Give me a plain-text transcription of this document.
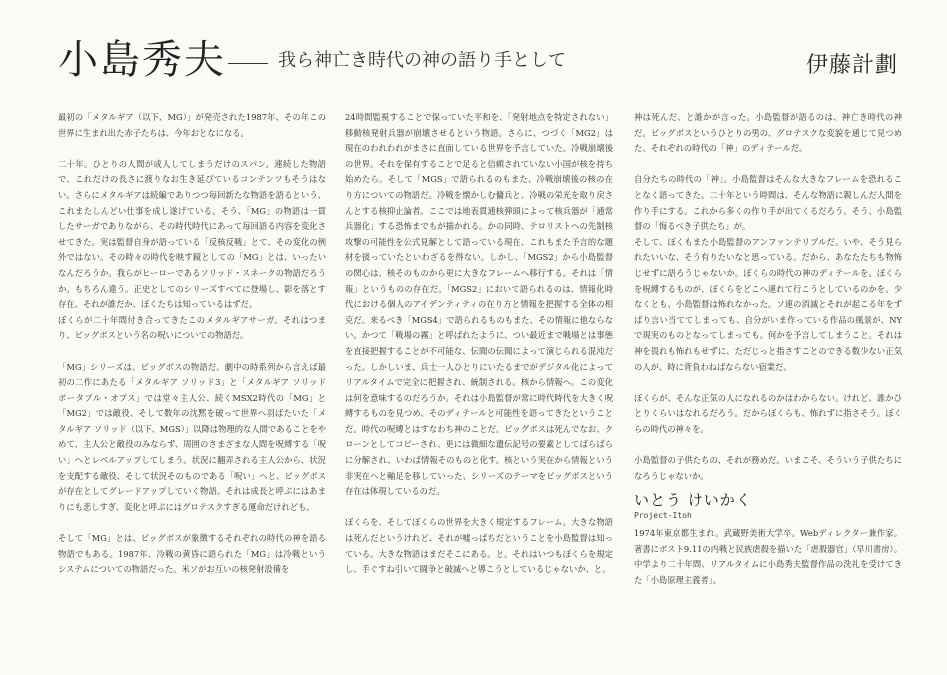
小島秀夫	我ら神亡き時代の神の語り手として	伊藤計劃

最初の「メタルギア（以下、MG）」が発売された1987年、その年この世界に生まれ出た赤子たちは、今年おとなになる。

二十年。ひとりの人間が成人してしまうだけのスパン。連続した物語で、これだけの長さに渡りなお生き延びているコンテンツもそうはない。さらにメタルギアは続編でありつつ毎回新たな物語を語るという、これまたしんどい仕事を成し遂げている。そう、「MG」の物語は一貫したサーガでありながら、その時代時代にあって毎回語る内容を変化させてきた。実は監督自身が語っている「反核反戦」とて、その変化の例外ではない。その時々の時代を映す鏡としての「MG」とは、いったいなんだろうか。我らがヒーローであるソリッド・スネークの物語だろうか。もちろん違う。正史としてのシリーズすべてに登場し、影を落とす存在。それが誰だか、ぼくたちは知っているはずだ。

ぼくらが二十年間付き合ってきたこのメタルギアサーガ。それはつまり、ビッグボスという名の呪いについての物語だ。

「MG」シリーズは、ビッグボスの物語だ。劇中の時系列から言えば最初の二作にあたる「メタルギア ソリッド3」と「メタルギア ソリッド ポータブル・オプス」では堂々主人公、続くMSX2時代の「MG」と「MG2」では敵役、そして数年の沈黙を破って世界へ羽ばたいた「メタルギア ソリッド（以下、MGS）」以降は物理的な人間であることをやめて、主人公と敵役のみならず、周囲のさまざまな人間を呪縛する「呪い」へとレベルアップしてしまう。状況に翻弄される主人公から、状況を支配する敵役、そして状況そのものである「呪い」へと、ビッグボスが存在としてグレードアップしていく物語。それは成長と呼ぶにはあまりにも悲しすぎ、変化と呼ぶにはグロテスクすぎる運命だけれども。

そして「MG」とは、ビッグボスが象徴するそれぞれの時代の神を語る物語でもある。1987年、冷戦の黄昏に語られた「MG」は冷戦というシステムについての物語だった。米ソがお互いの核発射設備を

24時間監視することで保っていた平和を、「発射地点を特定されない」移動核発射兵器が崩壊させるという物語。さらに、つづく「MG2」は現在のわれわれがまさに直面している世界を予言していた。冷戦崩壊後の世界。それを保有することで足ると信頼されていない小国が核を持ち始めたら。そして「MGS」で語られるのもまた、冷戦崩壊後の核の在り方についての物語だ。冷戦を懐かしむ傭兵と、冷戦の栄光を取り戻さんとする核抑止論者。ここでは地表貫通核弾頭によって核兵器が「通常兵器化」する恐怖までもが描かれる。かの同時、テロリストへの先制核攻撃の可能性を公式見解として語っている現在、これもまた予言的な題材を扱っていたといわざるを得ない。しかし、「MGS2」から小島監督の関心は、核そのものから更に大きなフレームへ移行する。それは「情報」というものの存在だ。「MGS2」において語られるのは、情報化時代における個人のアイデンティティの在り方と情報を把握する全体の相克だ。来るべき「MGS4」で語られるものもまた、その情報に他ならない。かつて「戦場の霧」と呼ばれたように、つい最近まで戦場とは事態を直接把握することが不可能な、伝聞の伝聞によって演じられる混沌だった。しかしいま、兵士一人ひとりにいたるまでがデジタル化によってリアルタイムで完全に把握され、統制される。核から情報へ。この変化は何を意味するのだろうか。それは小島監督が常に時代時代を大きく呪縛するものを見つめ、そのディテールと可能性を語ってきたということだ。時代の呪縛とはすなわち神のことだ。ビッグボスは死んでなお、クローンとしてコピーされ、更には微細な遺伝記号の要素としてばらばらに分解され、いわば情報そのものと化す。核という実在から情報という非実在へと軸足を移していった、シリーズのテーマをビッグボスという存在は体現しているのだ。

ぼくらを、そしてぼくらの世界を大きく規定するフレーム。大きな物語は死んだというけれど、それが嘘っぱちだということを小島監督は知っている。大きな物語はまだそこにある。と。それはいつもぼくらを規定し、手ぐすね引いて闘争と破滅へと導こうとしているじゃないか、と。

神は死んだ、と誰かが言った。小島監督が語るのは、神亡き時代の神だ。ビッグボスというひとりの男の、グロテスクな変貌を通じて見つめた、それぞれの時代の「神」のディテールだ。

自分たちの時代の「神」。小島監督はそんな大きなフレームを恐れることなく語ってきた。二十年という時間は、そんな物語に親しんだ人間を作り手にする。これから多くの作り手が出てくるだろう。そう、小島監督の「悔るべき子供たち」が。

そして、ぼくもまた小島監督のアンファンテリブルだ。いや、そう見られたいいな、そう有りたいなと思っている。だから、あなたたちも物怖じせずに語ろうじゃないか。ぼくらの時代の神のディテールを。ぼくらを呪縛するものが、ぼくらをどこへ連れて行こうとしているのかを。少なくとも、小島監督は怖れなかった。ソ連の消滅とそれが起こる年をずばり言い当ててしまっても、自分がいま作っている作品の風景が、NYで現実のものとなってしまっても。何かを予言してしまうこと。それは神を畏れも怖れもせずに、ただじっと指さすことのできる数少ない正気の人が、時に背負わねばならない宿業だ。

ぼくらが、そんな正気の人になれるのかはわからない。けれど、誰かひとりくらいはなれるだろう。だからぼくらも、怖れずに指さそう。ぼくらの時代の神々を。

小島監督の子供たちの、それが務めだ。いまこそ、そういう子供たちになろうじゃないか。

いとう けいかく
Project-Itoh

1974年東京都生まれ。武蔵野美術大学卒。Webディレクター兼作家。著書にポスト9.11の内戦と民族虐殺を描いた「虐殺器官」（早川書房）。中学より二十年間、リアルタイムに小島秀夫監督作品の洗礼を受けてきた「小島原理主義者」。
